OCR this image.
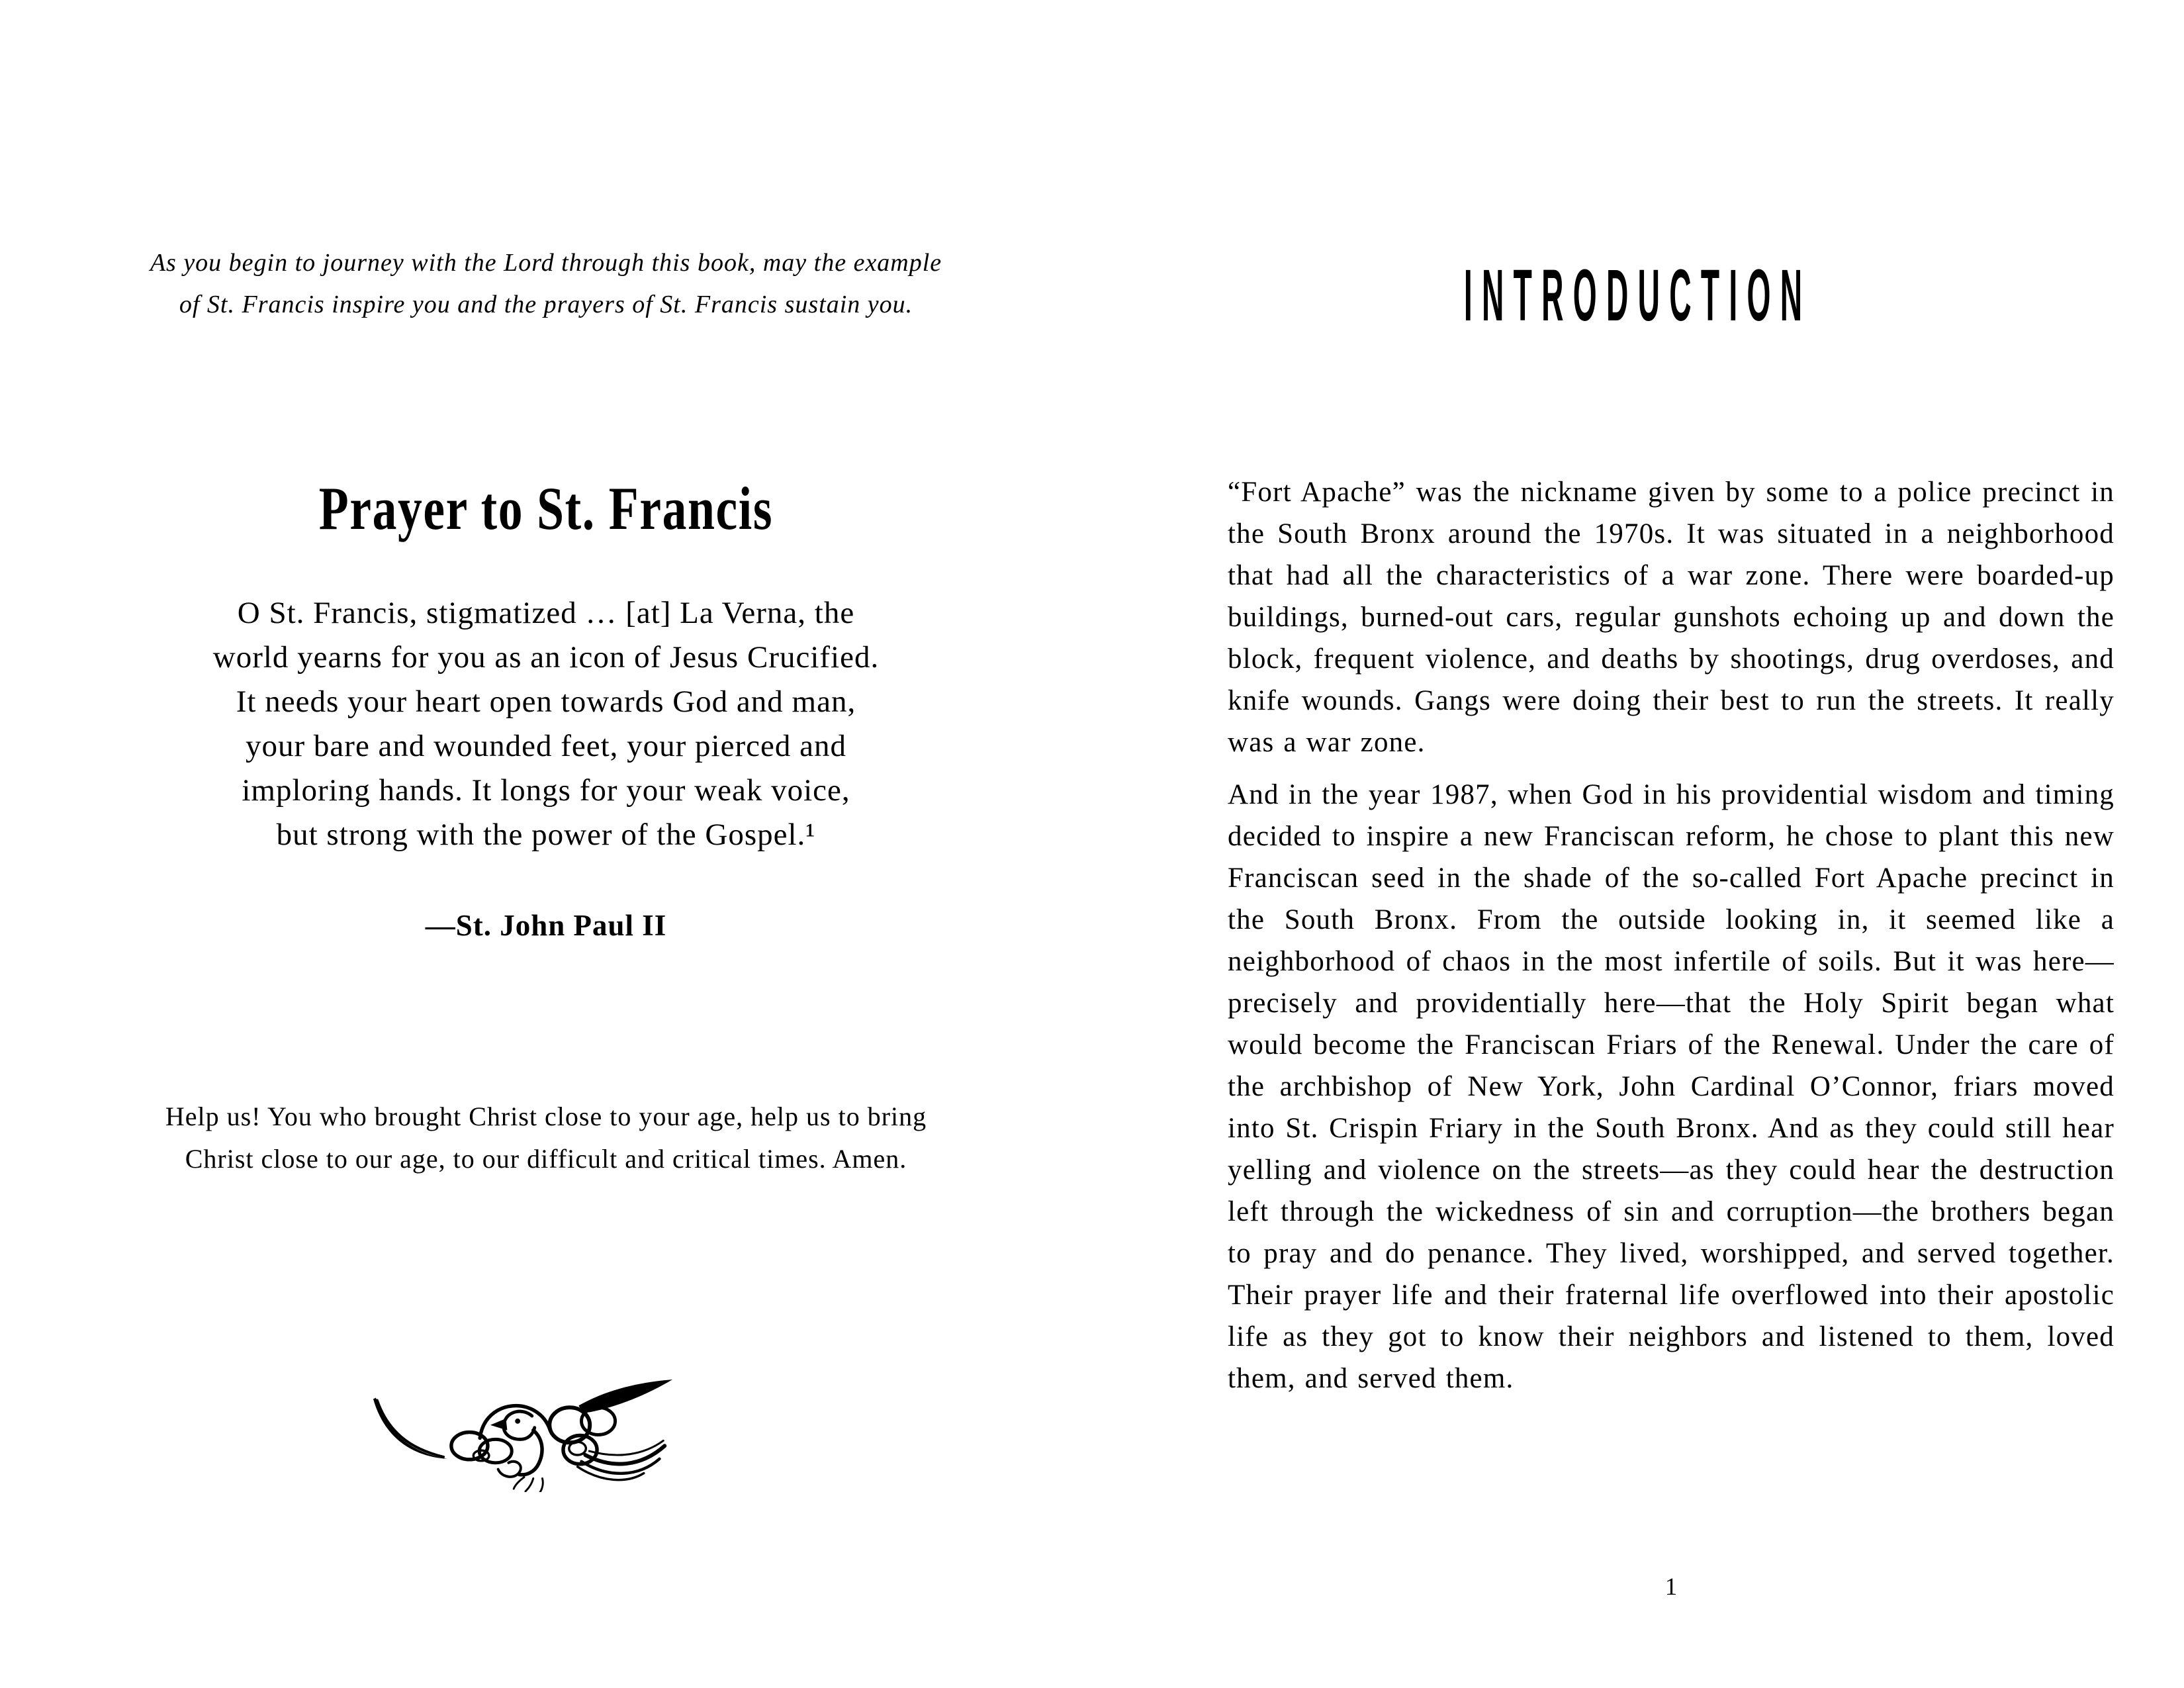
As you begin to journey with the Lord through this book, may the example
of St. Francis inspire you and the prayers of St. Francis sustain you.
Prayer to St. Francis
O St. Francis, stigmatized … [at] La Verna, the
world yearns for you as an icon of Jesus Crucified.
It needs your heart open towards God and man,
your bare and wounded feet, your pierced and
imploring hands. It longs for your weak voice,
but strong with the power of the Gospel.¹
—St. John Paul II
Help us! You who brought Christ close to your age, help us to bring
Christ close to our age, to our difficult and critical times. Amen.
INTRODUCTION

“Fort Apache” was the nickname given by some to a police precinct in the South Bronx around the 1970s. It was situated in a neighborhood that had all the characteristics of a war zone. There were boarded-up buildings, burned-out cars, regular gunshots echoing up and down the block, frequent violence, and deaths by shootings, drug overdoses, and knife wounds. Gangs were doing their best to run the streets. It really was a war zone.

And in the year 1987, when God in his providential wisdom and timing decided to inspire a new Franciscan reform, he chose to plant this new Franciscan seed in the shade of the so-called Fort Apache precinct in the South Bronx. From the outside looking in, it seemed like a neighborhood of chaos in the most infertile of soils. But it was here—precisely and providentially here—that the Holy Spirit began what would become the Franciscan Friars of the Renewal. Under the care of the archbishop of New York, John Cardinal O’Connor, friars moved into St. Crispin Friary in the South Bronx. And as they could still hear yelling and violence on the streets—as they could hear the destruction left through the wickedness of sin and corruption—the brothers began to pray and do penance. They lived, worshipped, and served together. Their prayer life and their fraternal life overflowed into their apostolic life as they got to know their neighbors and listened to them, loved them, and served them.

1
